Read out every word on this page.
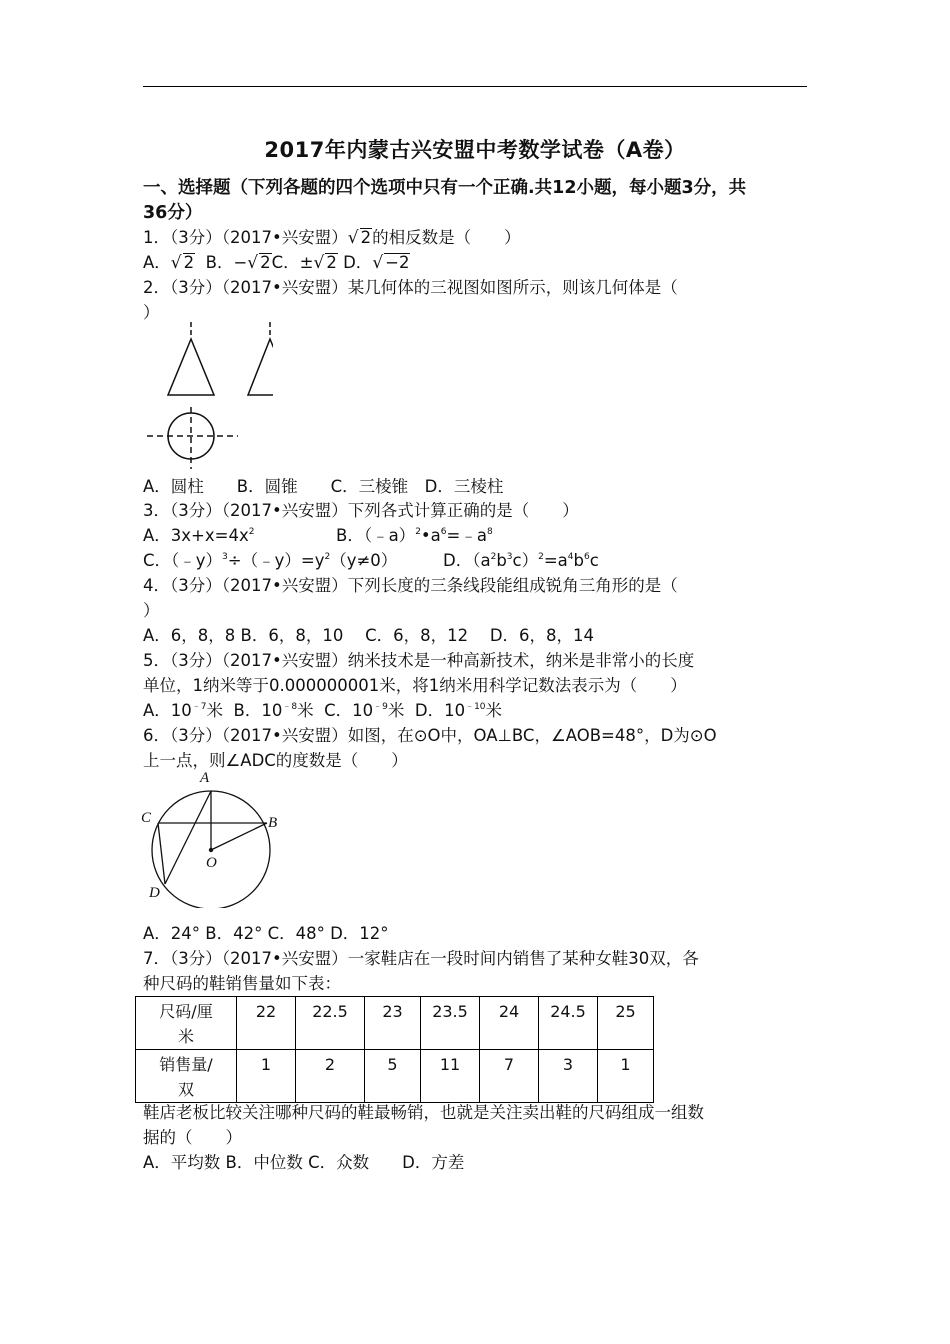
2017年内蒙古兴安盟中考数学试卷（A卷）
一、选择题（下列各题的四个选项中只有一个正确.共12小题，每小题3分，共
36分）
1．（3分）（2017•兴安盟）√ 2的相反数是（　　）
A．√ 2 B．−√ 2C．±√ 2 D．√ −2
2．（3分）（2017•兴安盟）某几何体的三视图如图所示，则该几何体是（
）
A．圆柱　　B．圆锥　　C．三棱锥　D．三棱柱
3．（3分）（2017•兴安盟）下列各式计算正确的是（　　）
A．$3x+x=4x^2$	B．$(﹣a)^2•a^6=﹣a^8$
C．$(﹣y)^3\div(﹣y)=y^2(y\ne 0)$	D．$(a^2b^3c)^2=a^4b^6c$
4．（3分）（2017•兴安盟）下列长度的三条线段能组成锐角三角形的是（
）
A．6，8，8 B．6，8，10　 C．6，8，12　 D．6，8，14
5．（3分）（2017•兴安盟）纳米技术是一种高新技术，纳米是非常小的长度
单位，1纳米等于0.000000001米，将1纳米用科学记数法表示为（　　）
A．$10^{﹣7}$米 B．$10^{﹣8}$米 C．$10^{﹣9}$米 D．$10^{﹣10}$米
6．（3分）（2017•兴安盟）如图，在⊙O中，OA⊥BC，∠AOB=48°，D为⊙O
上一点，则∠ADC的度数是（　　）
A
B
C
D
O
A．24° B．42° C．48° D．12°
7．（3分）（2017•兴安盟）一家鞋店在一段时间内销售了某种女鞋30双，各
种尺码的鞋销售量如下表：
尺码/厘
米	22	22.5	23	23.5	24	24.5	25
销售量/
双	1	2	5	11	7	3	1
鞋店老板比较关注哪种尺码的鞋最畅销，也就是关注卖出鞋的尺码组成一组数
据的（　　）
A．平均数 B．中位数 C．众数　　D．方差
